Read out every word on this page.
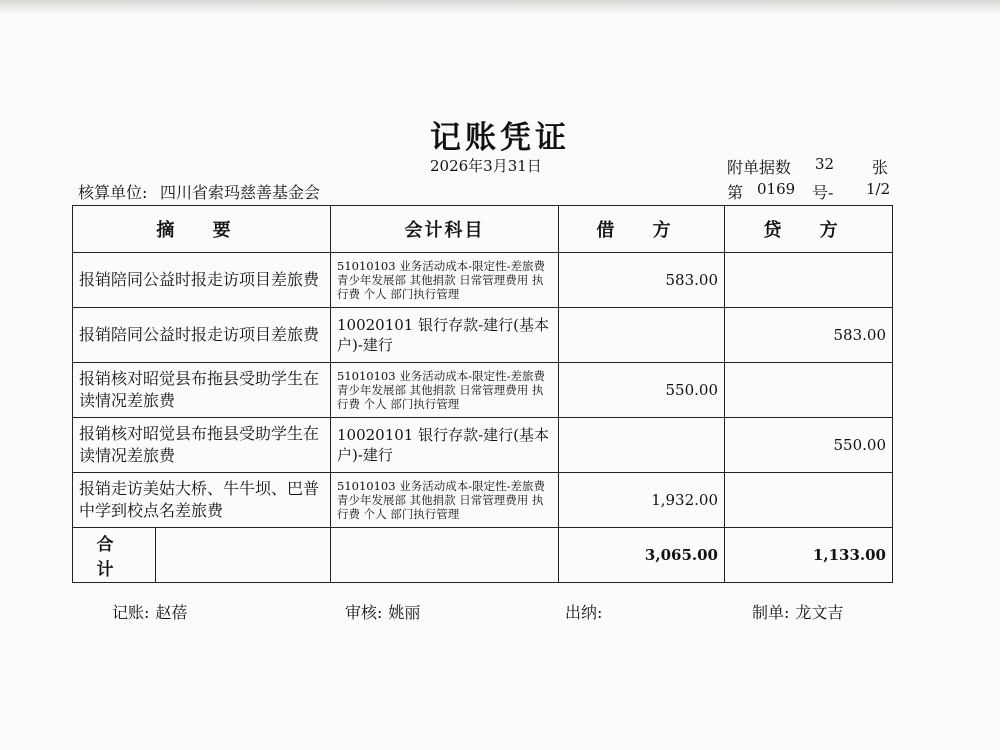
记账凭证
2026年3月31日	附单据数 32 张
核算单位: 四川省索玛慈善基金会	第 0169 号- 1/2
摘 要	会计科目	借 方	贷 方
报销陪同公益时报走访项目差旅费	51010103 业务活动成本-限定性-差旅费 青少年发展部 其他捐款 日常管理费用 执行费 个人 部门执行管理	583.00	
报销陪同公益时报走访项目差旅费	10020101 银行存款-建行(基本户)-建行		583.00
报销核对昭觉县布拖县受助学生在读情况差旅费	51010103 业务活动成本-限定性-差旅费 青少年发展部 其他捐款 日常管理费用 执行费 个人 部门执行管理	550.00	
报销核对昭觉县布拖县受助学生在读情况差旅费	10020101 银行存款-建行(基本户)-建行		550.00
报销走访美姑大桥、牛牛坝、巴普中学到校点名差旅费	51010103 业务活动成本-限定性-差旅费 青少年发展部 其他捐款 日常管理费用 执行费 个人 部门执行管理	1,932.00	

合 计		3,065.00	1,133.00
记账: 赵蓓	审核: 姚丽	出纳:	制单: 龙文吉
